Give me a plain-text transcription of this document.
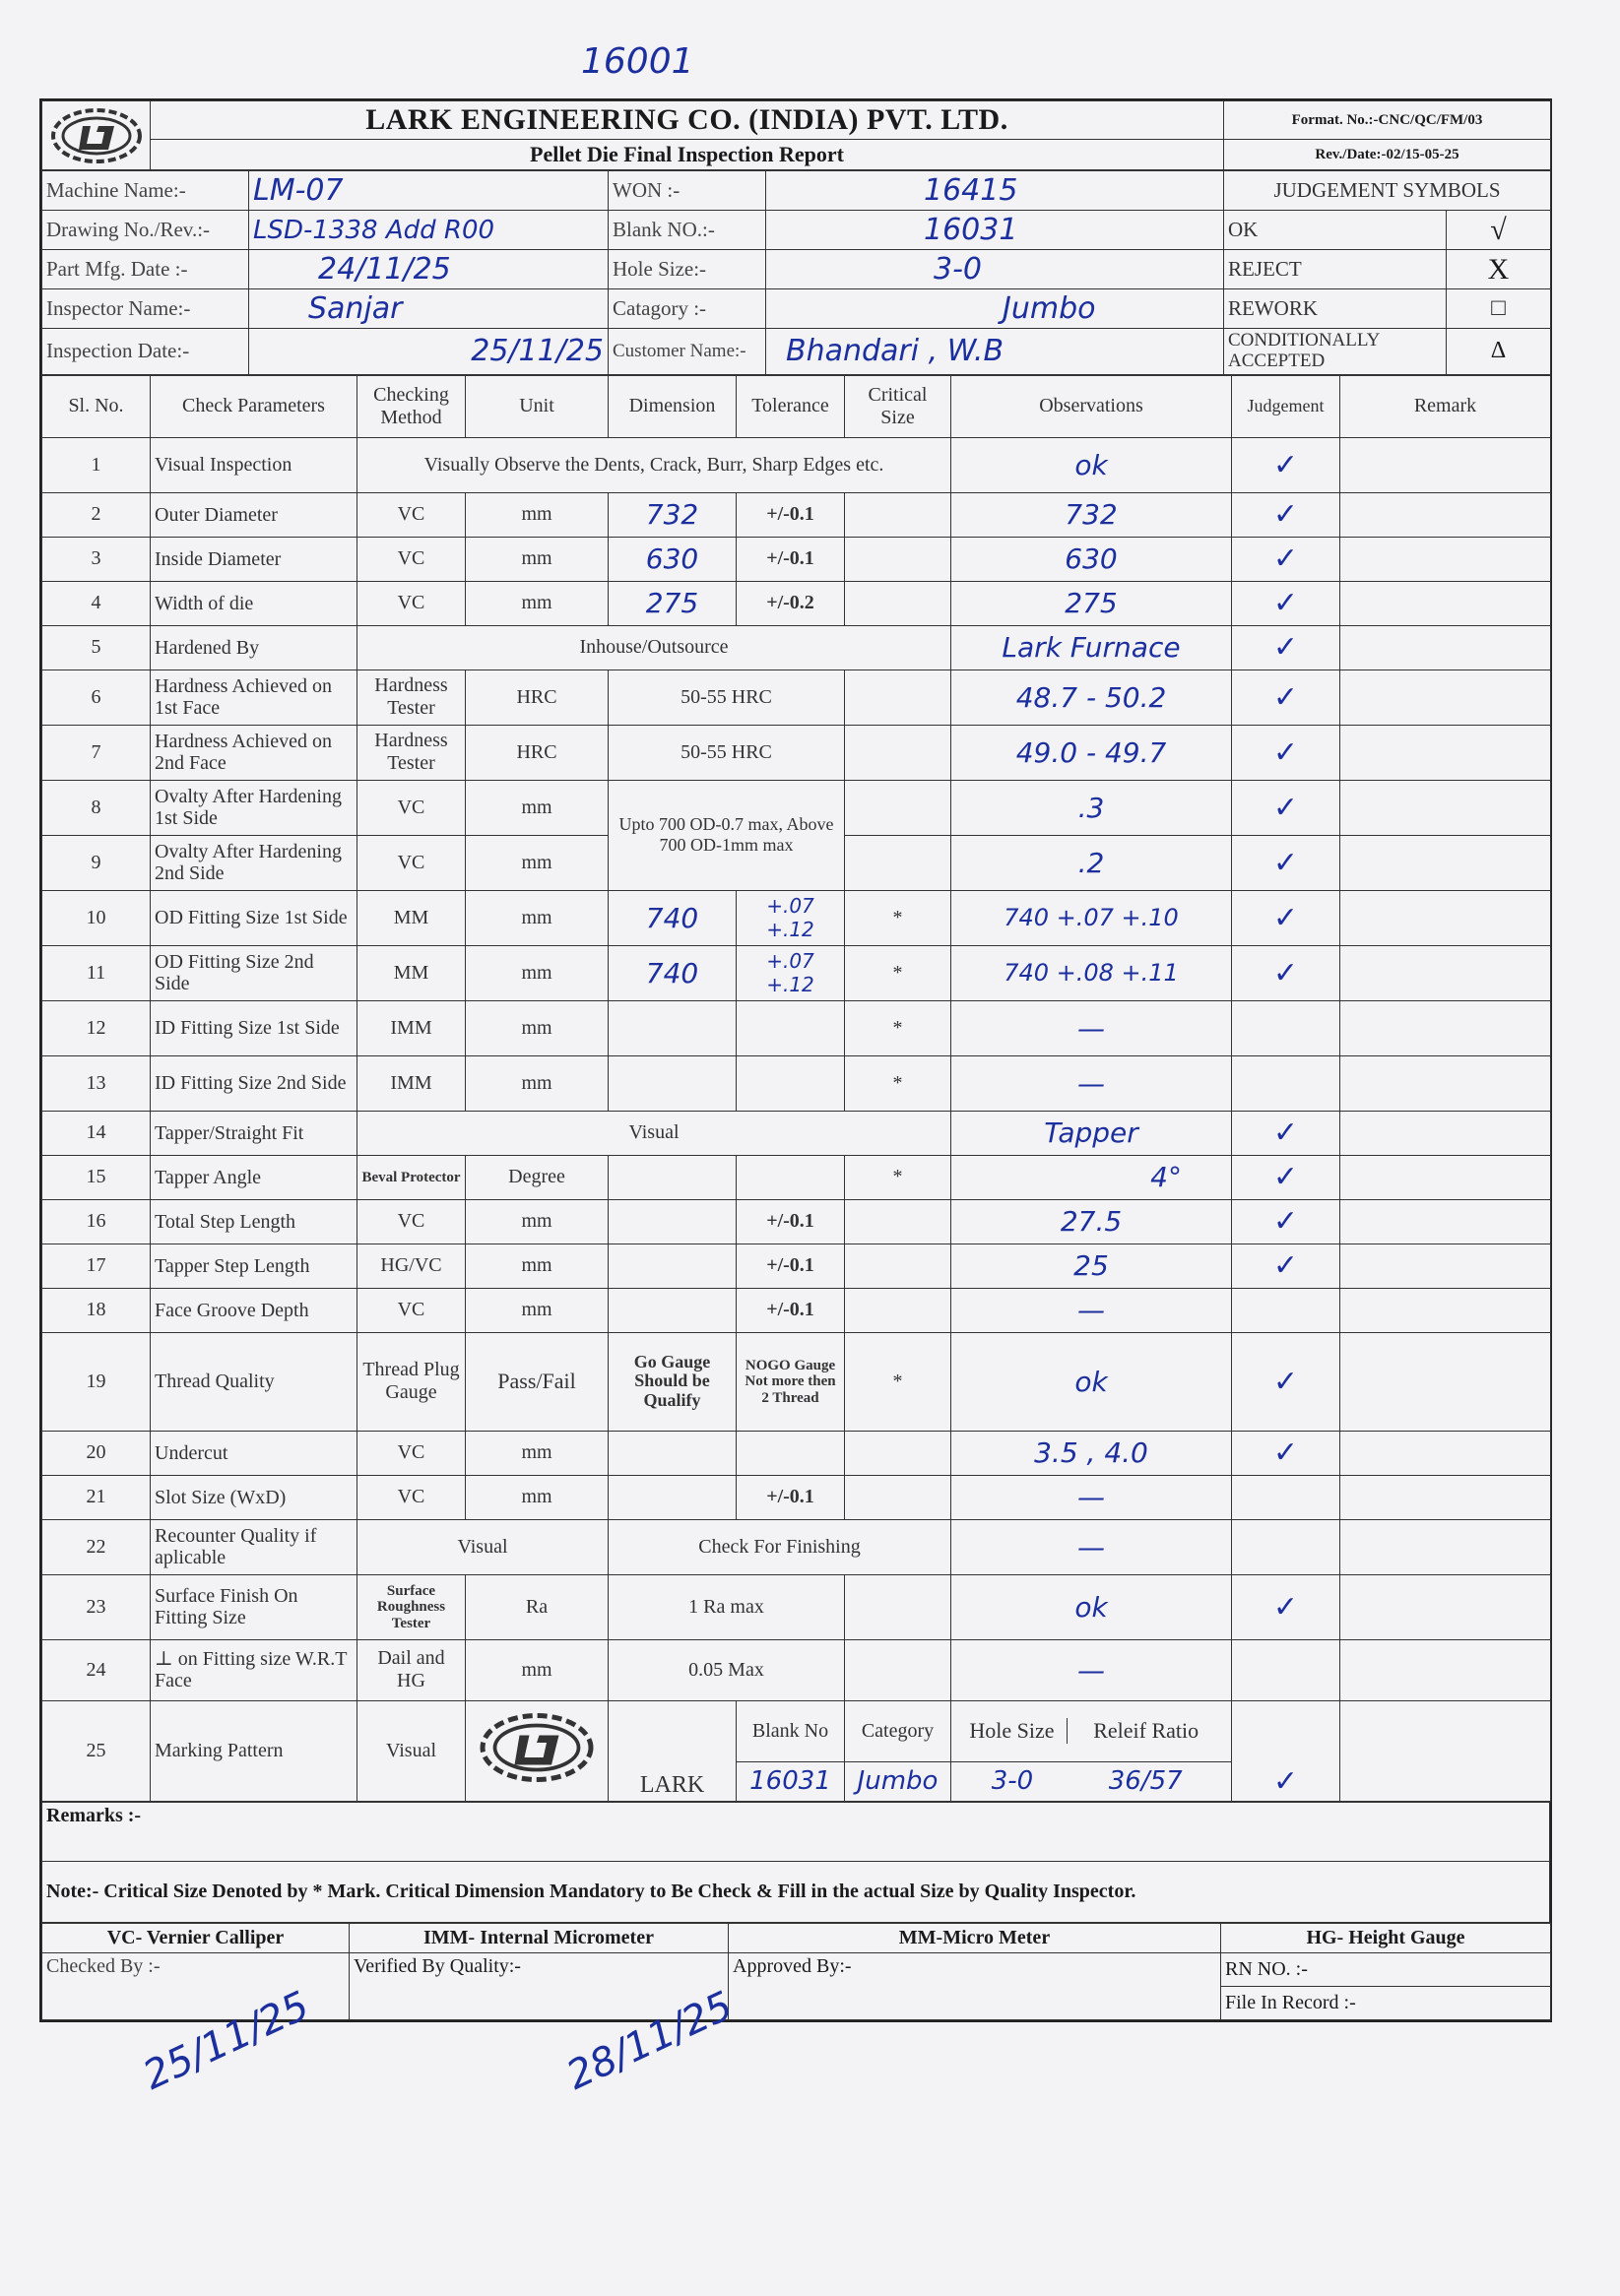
16001
	LARK ENGINEERING CO. (INDIA) PVT. LTD.	Format. No.:-CNC/QC/FM/03
	Pellet Die Final Inspection Report	Rev./Date:-02/15-05-25
Machine Name:-	LM-07	WON :-	16415	JUDGEMENT SYMBOLS	
Drawing No./Rev.:-	LSD-1338 Add R00	Blank NO.:-	16031	OK	√
Part Mfg. Date :-	24/11/25	Hole Size:-	3-0	REJECT	X
Inspector Name:-	Sanjar	Catagory :-	Jumbo	REWORK	□
Inspection Date:-	25/11/25	Customer Name:-	Bhandari , W.B	CONDITIONALLY ACCEPTED	Δ
Sl. No.	Check Parameters	Checking Method	Unit	Dimension	Tolerance	Critical Size	Observations	Judgement	Remark
1	Visual Inspection	Visually Observe the Dents, Crack, Burr, Sharp Edges etc.					ok	✓	
2	Outer Diameter	VC	mm	732	+/-0.1		732	✓	
3	Inside Diameter	VC	mm	630	+/-0.1		630	✓	
4	Width of die	VC	mm	275	+/-0.2		275	✓	
5	Hardened By	Inhouse/Outsource					Lark Furnace	✓	
6	Hardness Achieved on 1st Face	Hardness Tester	HRC	50-55 HRC			48.7 - 50.2	✓	
7	Hardness Achieved on 2nd Face	Hardness Tester	HRC	50-55 HRC			49.0 - 49.7	✓	
8	Ovalty After Hardening 1st Side	VC	mm	Upto 700 OD-0.7 max, Above 700 OD-1mm max			.3	✓	
9	Ovalty After Hardening 2nd Side	VC	mm				.2	✓	
10	OD Fitting Size 1st Side	MM	mm	740	+.07 +.12	*	740 +.07 +.10	✓	
11	OD Fitting Size 2nd Side	MM	mm	740	+.07 +.12	*	740 +.08 +.11	✓	
12	ID Fitting Size 1st Side	IMM	mm			*	—		
13	ID Fitting Size 2nd Side	IMM	mm			*	—		
14	Tapper/Straight Fit	Visual					Tapper	✓	
15	Tapper Angle	Beval Protector	Degree			*	4°	✓	
16	Total Step Length	VC	mm		+/-0.1		27.5	✓	
17	Tapper Step Length	HG/VC	mm		+/-0.1		25	✓	
18	Face Groove Depth	VC	mm		+/-0.1		—		
19	Thread Quality	Thread Plug Gauge	Pass/Fail	Go Gauge Should be Qualify	NOGO Gauge Not more then 2 Thread	*	ok	✓	
20	Undercut	VC	mm				3.5 , 4.0	✓	
21	Slot Size (WxD)	VC	mm		+/-0.1		—		
22	Recounter Quality if aplicable	Visual		Check For Finishing			—		
23	Surface Finish On Fitting Size	Surface Roughness Tester	Ra	1 Ra max			ok	✓	
24	⊥ on Fitting size W.R.T Face	Dail and HG	mm	0.05 Max			—		
25	Marking Pattern	Visual		LARK	Blank No	Category	Hole Size Releif Ratio	✓	
					16031	Jumbo	3-0 36/57		
Remarks :-
Note:- Critical Size Denoted by * Mark. Critical Dimension Mandatory to Be Check & Fill in the actual Size by Quality Inspector.
VC- Vernier Calliper	IMM- Internal Micrometer	MM-Micro Meter	HG- Height Gauge
Checked By :-	Verified By Quality:-	Approved By:-	RN NO. :-
			File In Record :-
25/11/25	28/11/25
